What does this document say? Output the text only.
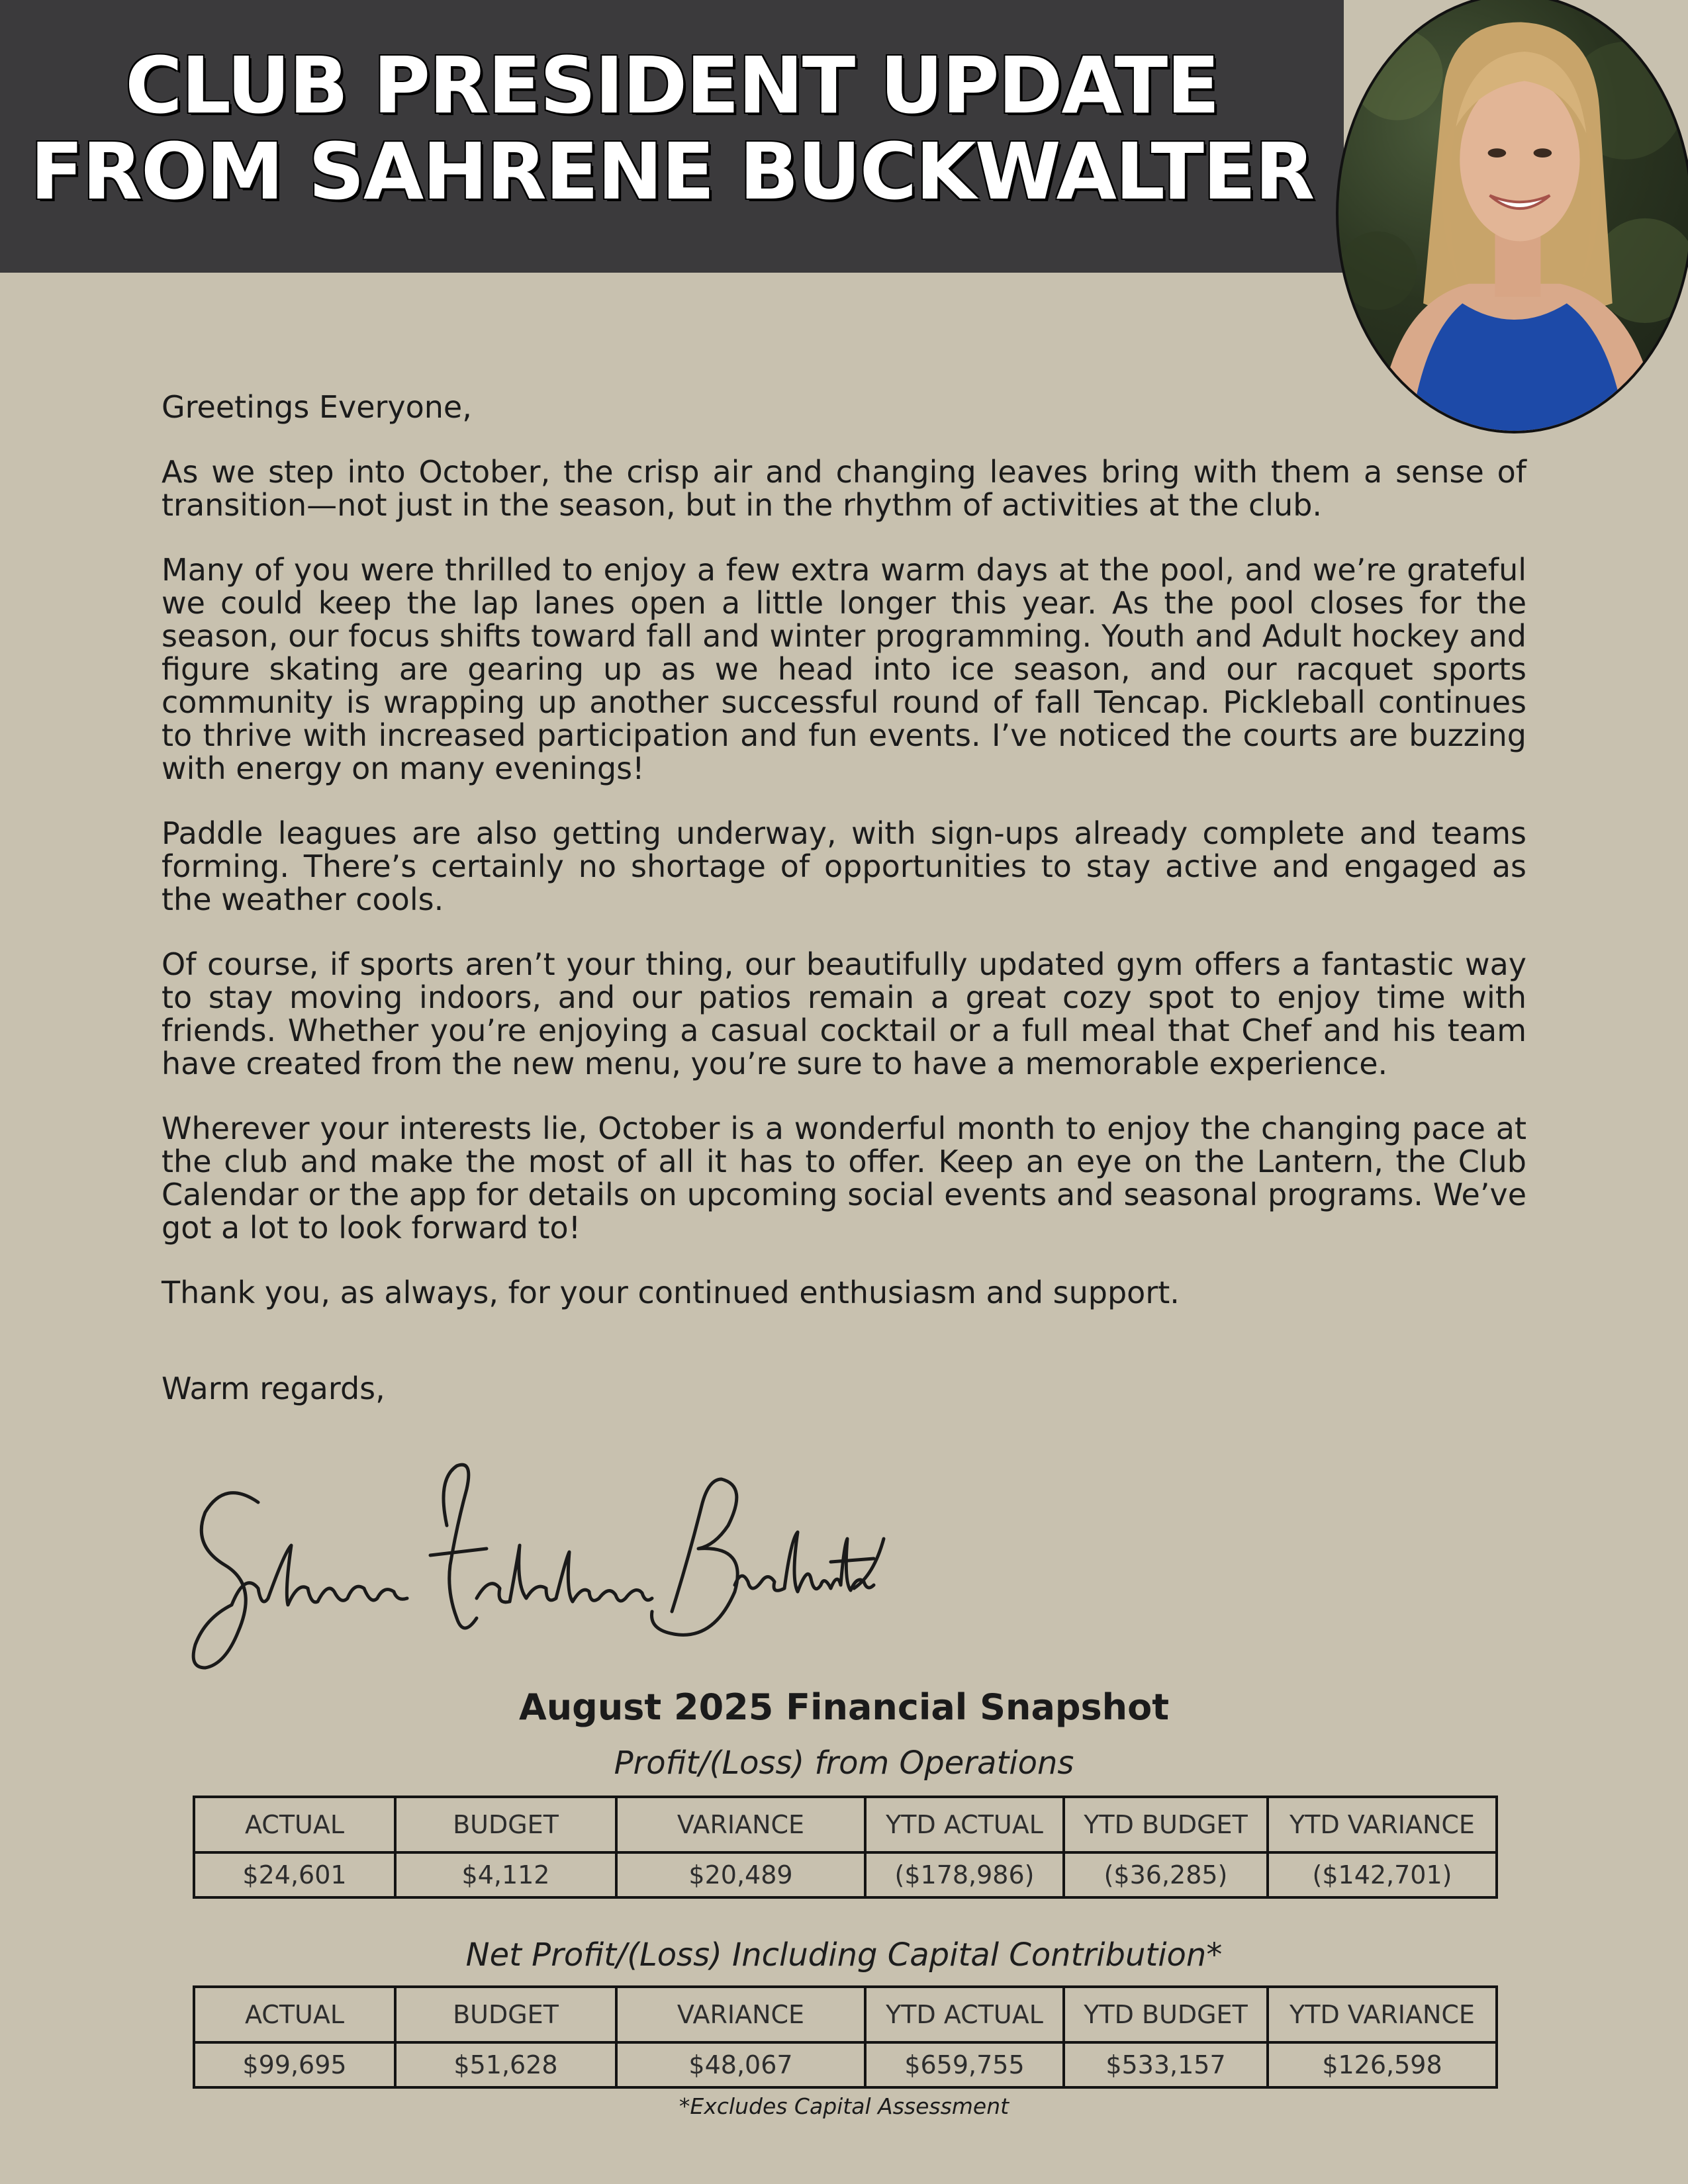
CLUB PRESIDENT UPDATE
FROM SAHRENE BUCKWALTER

Greetings Everyone,

As we step into October, the crisp air and changing leaves bring with them a sense of transition—not just in the season, but in the rhythm of activities at the club.

Many of you were thrilled to enjoy a few extra warm days at the pool, and we’re grateful we could keep the lap lanes open a little longer this year. As the pool closes for the season, our focus shifts toward fall and winter programming. Youth and Adult hockey and figure skating are gearing up as we head into ice season, and our racquet sports community is wrapping up another successful round of fall Tencap. Pickleball continues to thrive with increased participation and fun events. I’ve noticed the courts are buzzing with energy on many evenings!

Paddle leagues are also getting underway, with sign-ups already complete and teams forming. There’s certainly no shortage of opportunities to stay active and engaged as the weather cools.

Of course, if sports aren’t your thing, our beautifully updated gym offers a fantastic way to stay moving indoors, and our patios remain a great cozy spot to enjoy time with friends. Whether you’re enjoying a casual cocktail or a full meal that Chef and his team have created from the new menu, you’re sure to have a memorable experience.

Wherever your interests lie, October is a wonderful month to enjoy the changing pace at the club and make the most of all it has to offer. Keep an eye on the Lantern, the Club Calendar or the app for details on upcoming social events and seasonal programs. We’ve got a lot to look forward to!

Thank you, as always, for your continued enthusiasm and support.

Warm regards,

August 2025 Financial Snapshot
Profit/(Loss) from Operations
ACTUAL	BUDGET	VARIANCE	YTD ACTUAL	YTD BUDGET	YTD VARIANCE
$24,601	$4,112	$20,489	($178,986)	($36,285)	($142,701)
Net Profit/(Loss) Including Capital Contribution*
ACTUAL	BUDGET	VARIANCE	YTD ACTUAL	YTD BUDGET	YTD VARIANCE
$99,695	$51,628	$48,067	$659,755	$533,157	$126,598
*Excludes Capital Assessment
